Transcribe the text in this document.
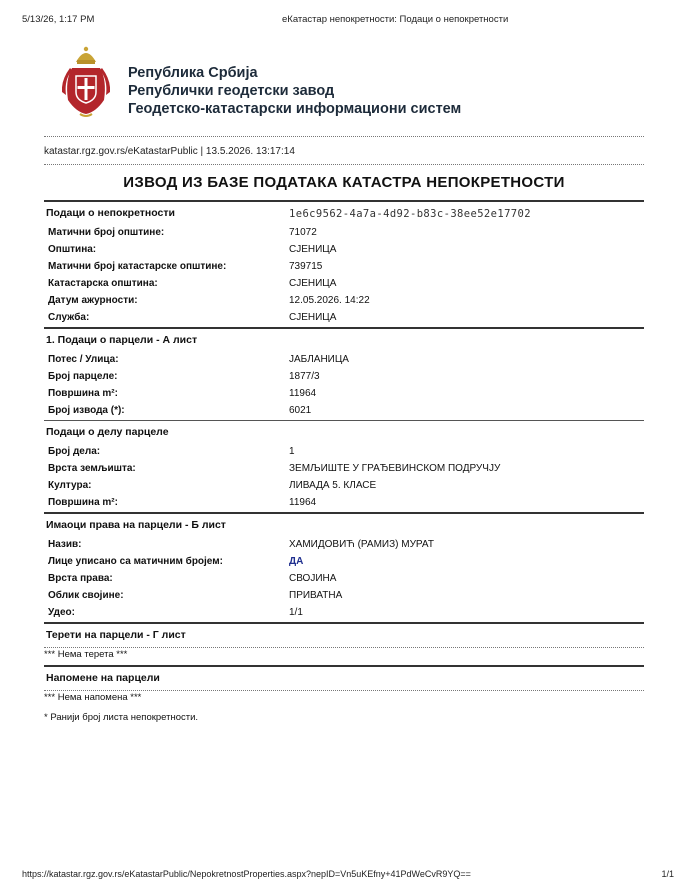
5/13/26, 1:17 PM	еКатастар непокретности: Подаци о непокретности
Република Србија
Републички геодетски завод
Геодетско-катастарски информациони систем
katastar.rgz.gov.rs/eKatastarPublic | 13.5.2026. 13:17:14
ИЗВОД ИЗ БАЗЕ ПОДАТАКА КАТАСТРА НЕПОКРЕТНОСТИ
Подаци о непокретности	1e6c9562-4a7a-4d92-b83c-38ee52e17702
Матични број општине:	71072
Општина:	СЈЕНИЦА
Матични број катастарске општине:	739715
Катастарска општина:	СЈЕНИЦА
Датум ажурности:	12.05.2026. 14:22
Служба:	СЈЕНИЦА
1. Подаци о парцели - А лист
Потес / Улица:	ЈАБЛАНИЦА
Број парцеле:	1877/3
Површина m²:	11964
Број извода (*):	6021
Подаци о делу парцеле
Број дела:	1
Врста земљишта:	ЗЕМЉИШТЕ У ГРАЂЕВИНСКОМ ПОДРУЧЈУ
Култура:	ЛИВАДА 5. КЛАСЕ
Површина m²:	11964
Имаоци права на парцели - Б лист
Назив:	ХАМИДОВИЋ (РАМИЗ) МУРАТ
Лице уписано са матичним бројем:	ДА
Врста права:	СВОЈИНА
Облик својине:	ПРИВАТНА
Удео:	1/1
Терети на парцели - Г лист
*** Нема терета ***
Напомене на парцели
*** Нема напомена ***
* Ранији број листа непокретности.
https://katastar.rgz.gov.rs/eKatastarPublic/NepokretnostProperties.aspx?nepID=Vn5uKEfny+41PdWeCvR9YQ==	1/1
